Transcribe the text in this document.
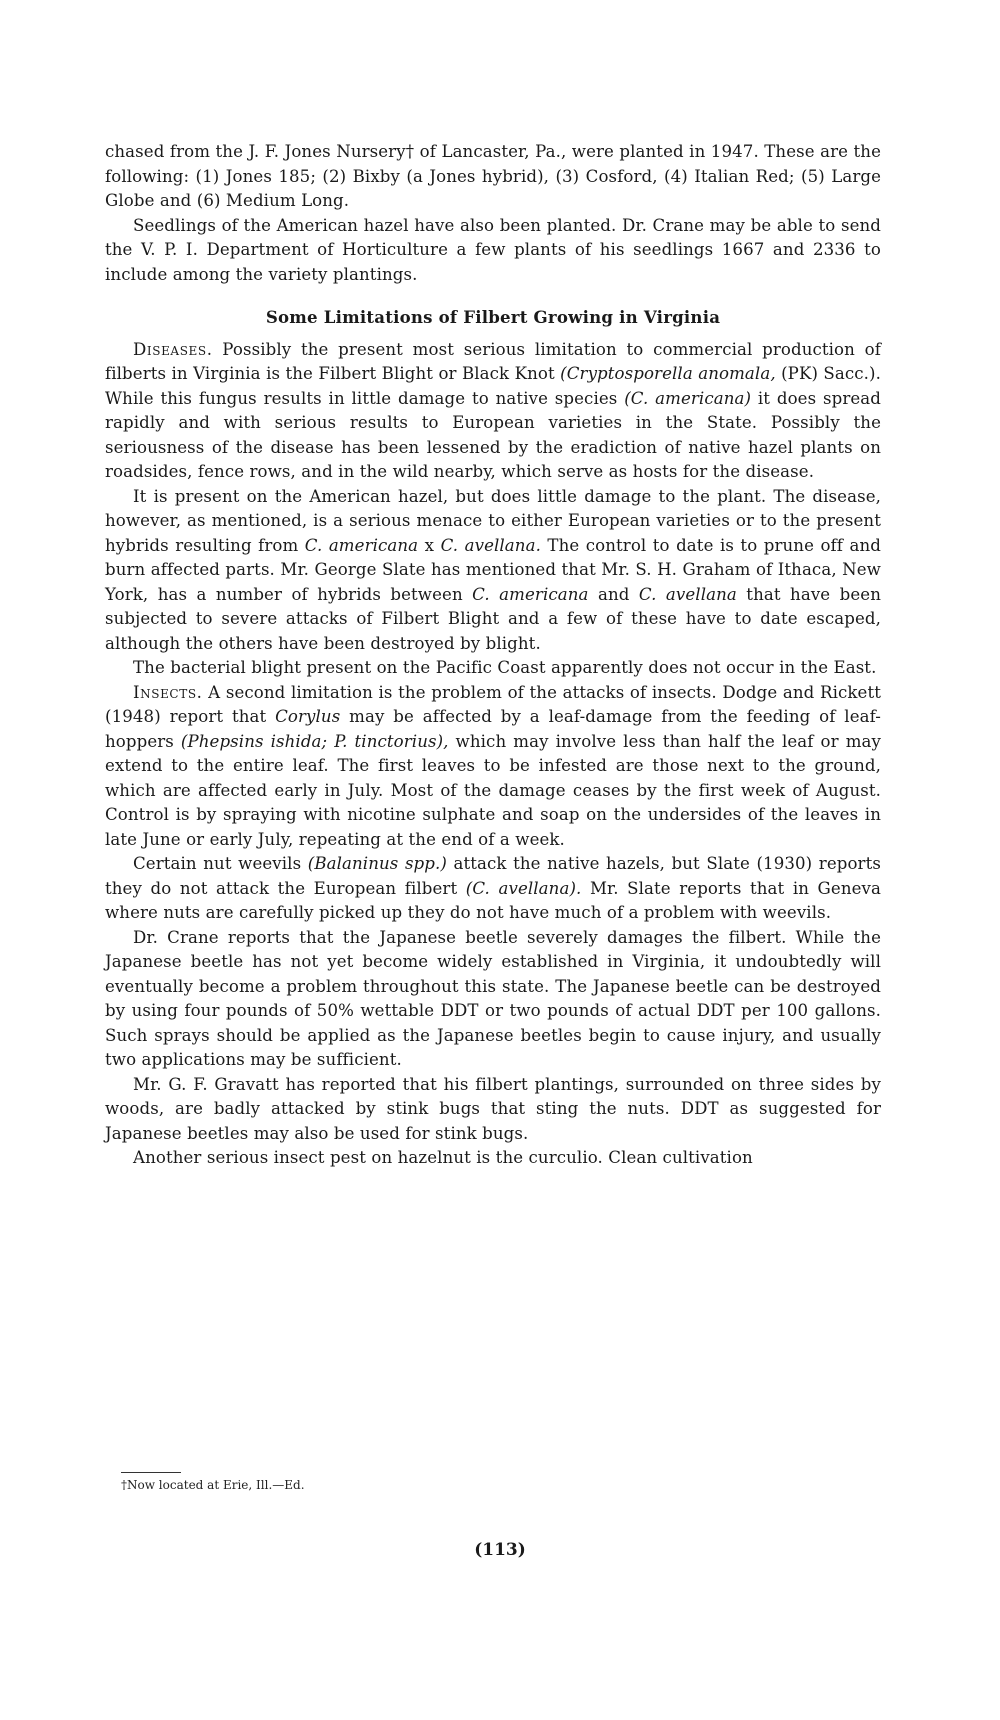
chased from the J. F. Jones Nursery† of Lancaster, Pa., were planted in 1947. These are the following: (1) Jones 185; (2) Bixby (a Jones hybrid), (3) Cosford, (4) Italian Red; (5) Large Globe and (6) Medium Long.

Seedlings of the American hazel have also been planted. Dr. Crane may be able to send the V. P. I. Department of Horticulture a few plants of his seedlings 1667 and 2336 to include among the variety plantings.

Some Limitations of Filbert Growing in Virginia

Diseases. Possibly the present most serious limitation to commercial production of filberts in Virginia is the Filbert Blight or Black Knot (Cryptosporella anomala, (PK) Sacc.). While this fungus results in little damage to native species (C. americana) it does spread rapidly and with serious results to European varieties in the State. Possibly the seriousness of the disease has been lessened by the eradiction of native hazel plants on roadsides, fence rows, and in the wild nearby, which serve as hosts for the disease.

It is present on the American hazel, but does little damage to the plant. The disease, however, as mentioned, is a serious menace to either European varieties or to the present hybrids resulting from C. americana x C. avellana. The control to date is to prune off and burn affected parts. Mr. George Slate has mentioned that Mr. S. H. Graham of Ithaca, New York, has a number of hybrids between C. americana and C. avellana that have been subjected to severe attacks of Filbert Blight and a few of these have to date escaped, although the others have been destroyed by blight.

The bacterial blight present on the Pacific Coast apparently does not occur in the East.

Insects. A second limitation is the problem of the attacks of insects. Dodge and Rickett (1948) report that Corylus may be affected by a leaf-damage from the feeding of leaf-hoppers (Phepsins ishida; P. tinctorius), which may involve less than half the leaf or may extend to the entire leaf. The first leaves to be infested are those next to the ground, which are affected early in July. Most of the damage ceases by the first week of August. Control is by spraying with nicotine sulphate and soap on the undersides of the leaves in late June or early July, repeating at the end of a week.

Certain nut weevils (Balaninus spp.) attack the native hazels, but Slate (1930) reports they do not attack the European filbert (C. avellana). Mr. Slate reports that in Geneva where nuts are carefully picked up they do not have much of a problem with weevils.

Dr. Crane reports that the Japanese beetle severely damages the filbert. While the Japanese beetle has not yet become widely established in Virginia, it undoubtedly will eventually become a problem throughout this state. The Japanese beetle can be destroyed by using four pounds of 50% wettable DDT or two pounds of actual DDT per 100 gallons. Such sprays should be applied as the Japanese beetles begin to cause injury, and usually two applications may be sufficient.

Mr. G. F. Gravatt has reported that his filbert plantings, surrounded on three sides by woods, are badly attacked by stink bugs that sting the nuts. DDT as suggested for Japanese beetles may also be used for stink bugs.

Another serious insect pest on hazelnut is the curculio. Clean cultivation

†Now located at Erie, Ill.—Ed.
(113)
